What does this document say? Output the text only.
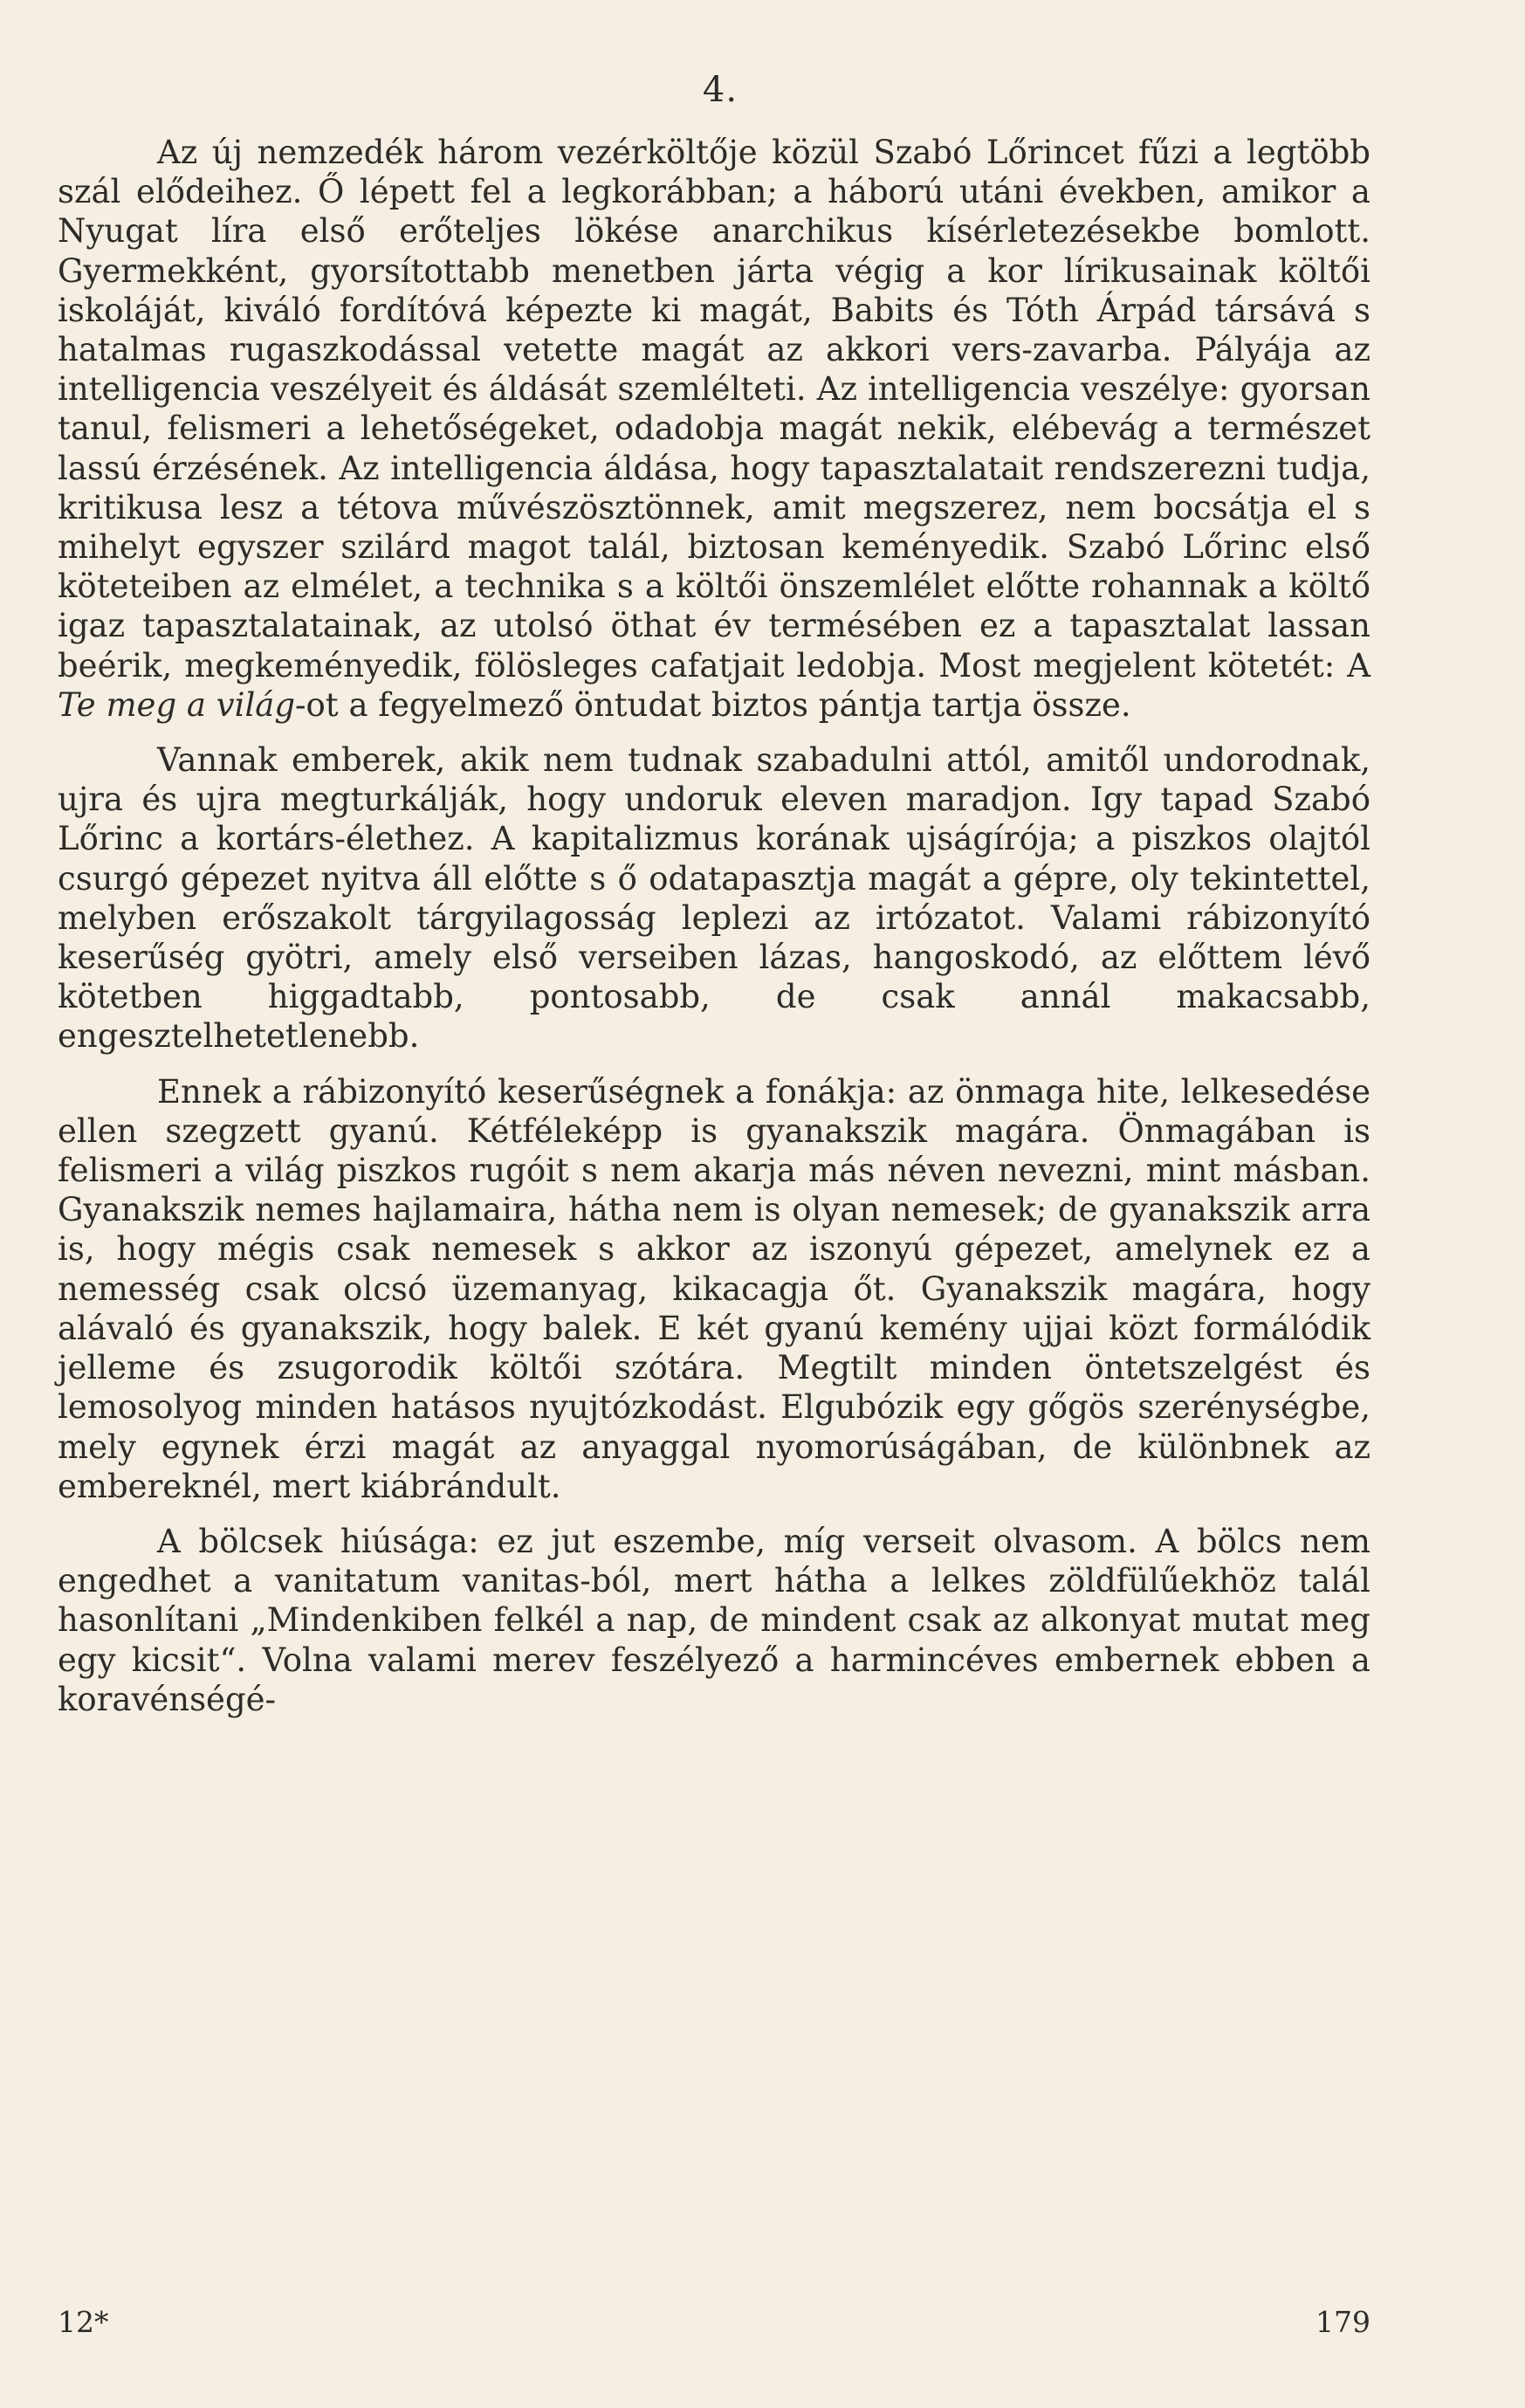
4.

Az új nemzedék három vezérköltője közül Szabó Lőrincet fűzi a legtöbb szál elődeihez. Ő lépett fel a legkorábban; a háború utáni években, amikor a Nyugat líra első erőteljes lökése anarchikus kísérletezésekbe bomlott. Gyermekként, gyorsítottabb menetben járta végig a kor lírikusainak költői iskoláját, kiváló fordítóvá képezte ki magát, Babits és Tóth Árpád társává s hatalmas rugaszkodással vetette magát az akkori vers-zavarba. Pályája az intelligencia veszélyeit és áldását szemlélteti. Az intelligencia veszélye: gyorsan tanul, felismeri a lehetőségeket, odadobja magát nekik, elébevág a természet lassú érzésének. Az intelligencia áldása, hogy tapasztalatait rendszerezni tudja, kritikusa lesz a tétova művészösztönnek, amit megszerez, nem bocsátja el s mihelyt egyszer szilárd magot talál, biztosan keményedik. Szabó Lőrinc első köteteiben az elmélet, a technika s a költői önszemlélet előtte rohannak a költő igaz tapasztalatainak, az utolsó öthat év termésében ez a tapasztalat lassan beérik, megkeményedik, fölösleges cafatjait ledobja. Most megjelent kötetét: A Te meg a világ-ot a fegyelmező öntudat biztos pántja tartja össze.

Vannak emberek, akik nem tudnak szabadulni attól, amitől undorodnak, ujra és ujra megturkálják, hogy undoruk eleven maradjon. Igy tapad Szabó Lőrinc a kortárs-élethez. A kapitalizmus korának ujságírója; a piszkos olajtól csurgó gépezet nyitva áll előtte s ő odatapasztja magát a gépre, oly tekintettel, melyben erőszakolt tárgyilagosság leplezi az irtózatot. Valami rábizonyító keserűség gyötri, amely első verseiben lázas, hangoskodó, az előttem lévő kötetben higgadtabb, pontosabb, de csak annál makacsabb, engesztelhetetlenebb.

Ennek a rábizonyító keserűségnek a fonákja: az önmaga hite, lelkesedése ellen szegzett gyanú. Kétféleképp is gyanakszik magára. Önmagában is felismeri a világ piszkos rugóit s nem akarja más néven nevezni, mint másban. Gyanakszik nemes hajlamaira, hátha nem is olyan nemesek; de gyanakszik arra is, hogy mégis csak nemesek s akkor az iszonyú gépezet, amelynek ez a nemesség csak olcsó üzemanyag, kikacagja őt. Gyanakszik magára, hogy alávaló és gyanakszik, hogy balek. E két gyanú kemény ujjai közt formálódik jelleme és zsugorodik költői szótára. Megtilt minden öntetszelgést és lemosolyog minden hatásos nyujtózkodást. Elgubózik egy gőgös szerénységbe, mely egynek érzi magát az anyaggal nyomorúságában, de különbnek az embereknél, mert kiábrándult.

A bölcsek hiúsága: ez jut eszembe, míg verseit olvasom. A bölcs nem engedhet a vanitatum vanitas-ból, mert hátha a lelkes zöldfülűekhöz talál hasonlítani „Mindenkiben felkél a nap, de mindent csak az alkonyat mutat meg egy kicsit“. Volna valami merev feszélyező a harmincéves embernek ebben a koravénségé-

12*	179
